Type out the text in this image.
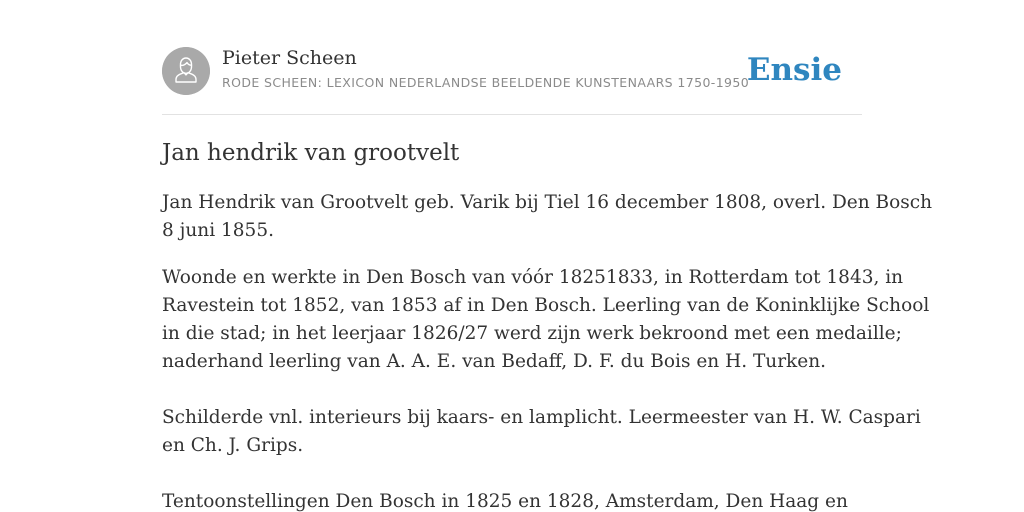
Pieter Scheen
RODE SCHEEN: LEXICON NEDERLANDSE BEELDENDE KUNSTENAARS 1750-1950
Ensie
Jan hendrik van grootvelt
Jan Hendrik van Grootvelt geb. Varik bij Tiel 16 december 1808, overl. Den Bosch
8 juni 1855.
Woonde en werkte in Den Bosch van vóór 18251833, in Rotterdam tot 1843, in
Ravestein tot 1852, van 1853 af in Den Bosch. Leerling van de Koninklijke School
in die stad; in het leerjaar 1826/27 werd zijn werk bekroond met een medaille;
naderhand leerling van A. A. E. van Bedaff, D. F. du Bois en H. Turken.
Schilderde vnl. interieurs bij kaars- en lamplicht. Leermeester van H. W. Caspari
en Ch. J. Grips.
Tentoonstellingen Den Bosch in 1825 en 1828, Amsterdam, Den Haag en
